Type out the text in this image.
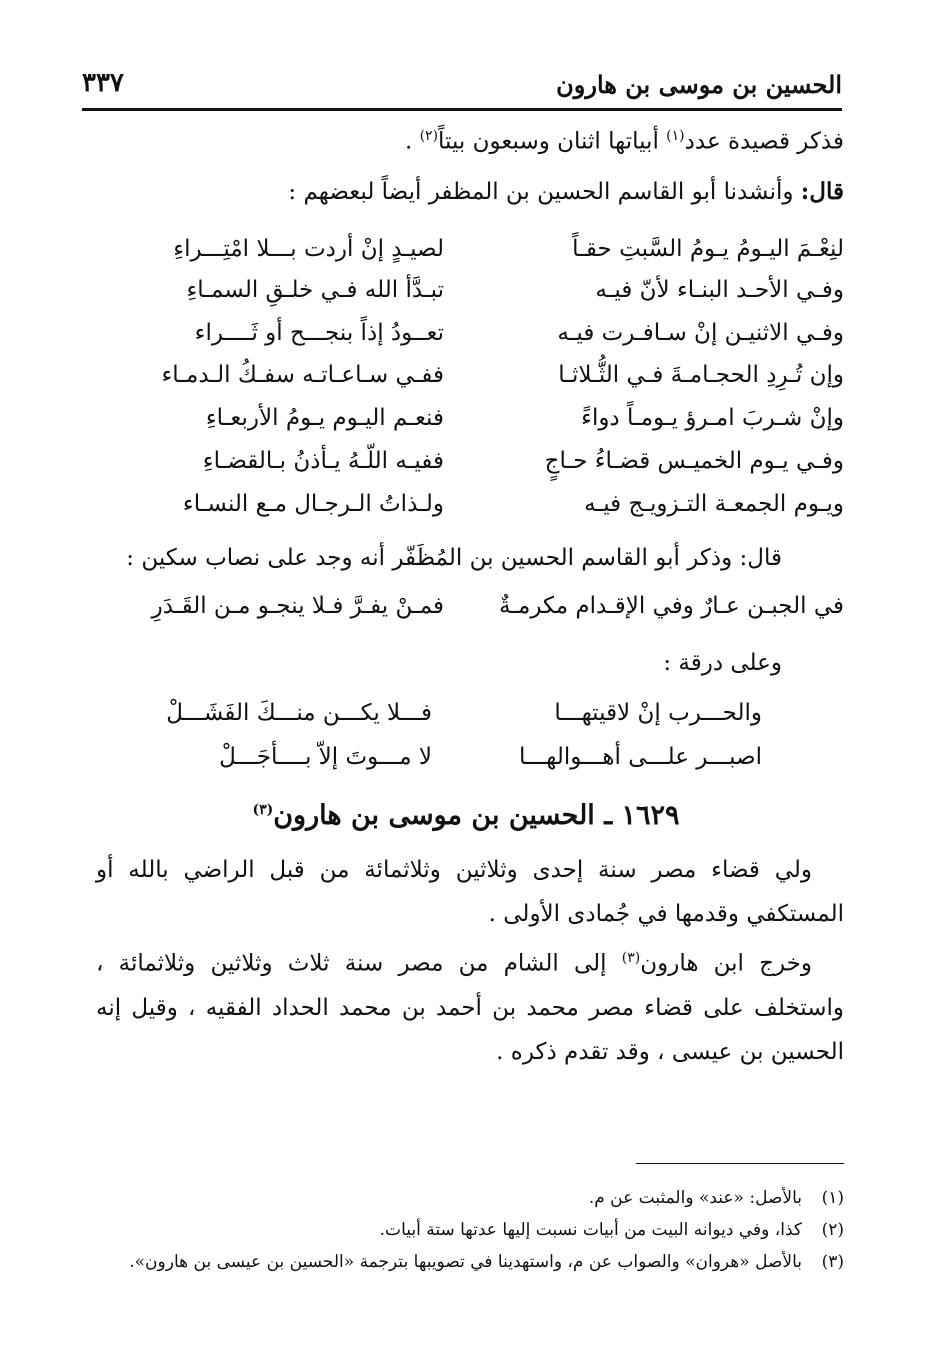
الحسين بن موسى بن هارون
٣٣٧
فذكر قصيدة عدد$^{(١)}$ أبياتها اثنان وسبعون بيتاً$^{(٢)}$ .
قال: وأنشدنا أبو القاسم الحسين بن المظفر أيضاً لبعضهم :
لنِعْـمَ اليـومُ يـومُ السَّبتِ حقـاً
لصيـدٍ إنْ أردت بـــلا امْتِـــراءِ
وفـي الأحـد البنـاء لأنّ فيـه
تبـدَّأ الله فـي خلـقِ السمـاءِ
وفـي الاثنيـن إنْ سـافـرت فيـه
تعــودُ إذاً بنجـــح أو ثَــــراء
وإن تُـرِدِ الحجـامـةَ فـي الثُّـلاثـا
ففـي سـاعـاتـه سفـكُ الـدمـاء
وإنْ شـربَ امـرؤ يـومـاً دواءً
فنعـم اليـوم يـومُ الأربعـاءِ
وفـي يـوم الخميـس قضـاءُ حـاجٍ
ففيـه اللّـهُ يـأذنُ بـالقضـاءِ
ويـوم الجمعـة التـزويـج فيـه
ولـذاتُ الـرجـال مـع النسـاء
قال: وذكر أبو القاسم الحسين بن المُظَفّر أنه وجد على نصاب سكين :
في الجبـن عـارٌ وفي الإقـدام مكرمـةٌ
فمـنْ يفـرَّ فـلا ينجـو مـن القَـدَرِ
وعلى درقة :
والحـــرب إنْ لاقيتهـــا
فـــلا يكـــن منـــكَ الفَشَـــلْ
اصبـــر علـــى أهـــوالهـــا
لا مـــوتَ إلاّ بــــأجَـــلْ
١٦٢٩ ـ الحسين بن موسى بن هارون$^{(٣)}$
ولي قضاء مصر سنة إحدى وثلاثين وثلاثمائة من قبل الراضي بالله أو المستكفي وقدمها في جُمادى الأولى .
وخرج ابن هارون$^{(٣)}$ إلى الشام من مصر سنة ثلاث وثلاثين وثلاثمائة ، واستخلف على قضاء مصر محمد بن أحمد بن محمد الحداد الفقيه ، وقيل إنه الحسين بن عيسى ، وقد تقدم ذكره .
(١)بالأصل: «عند» والمثبت عن م.
(٢)كذا، وفي ديوانه البيت من أبيات نسبت إليها عدتها ستة أبيات.
(٣)بالأصل «هروان» والصواب عن م، واستهدينا في تصويبها بترجمة «الحسين بن عيسى بن هارون».
